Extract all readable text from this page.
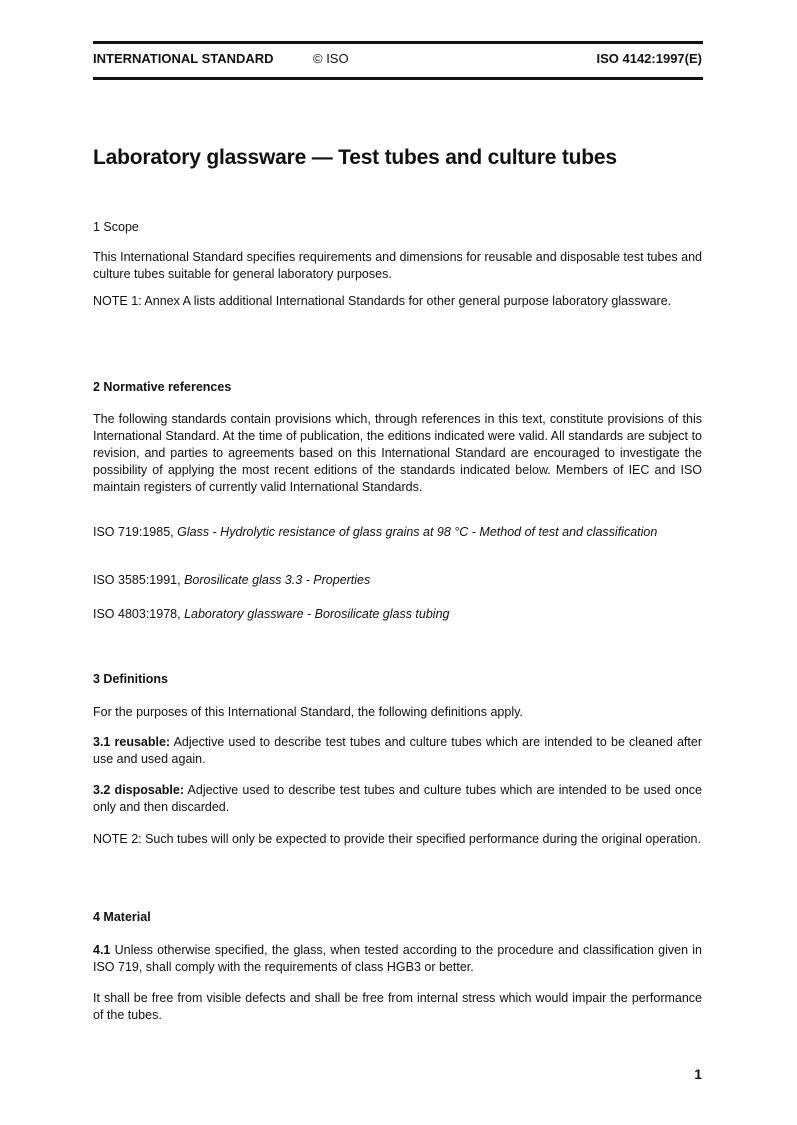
INTERNATIONAL STANDARD	© ISO	ISO 4142:1997(E)
Laboratory glassware — Test tubes and culture tubes
1 Scope

This International Standard specifies requirements and dimensions for reusable and disposable test tubes and culture tubes suitable for general laboratory purposes.

NOTE 1: Annex A lists additional International Standards for other general purpose laboratory glassware.

2 Normative references

The following standards contain provisions which, through references in this text, constitute provisions of this International Standard. At the time of publication, the editions indicated were valid. All standards are subject to revision, and parties to agreements based on this International Standard are encouraged to investigate the possibility of applying the most recent editions of the standards indicated below. Members of IEC and ISO maintain registers of currently valid International Standards.

ISO 719:1985, Glass - Hydrolytic resistance of glass grains at 98 °C - Method of test and classification

ISO 3585:1991, Borosilicate glass 3.3 - Properties

ISO 4803:1978, Laboratory glassware - Borosilicate glass tubing

3 Definitions

For the purposes of this International Standard, the following definitions apply.

3.1 reusable: Adjective used to describe test tubes and culture tubes which are intended to be cleaned after use and used again.

3.2 disposable: Adjective used to describe test tubes and culture tubes which are intended to be used once only and then discarded.

NOTE 2: Such tubes will only be expected to provide their specified performance during the original operation.

4 Material

4.1 Unless otherwise specified, the glass, when tested according to the procedure and classification given in ISO 719, shall comply with the requirements of class HGB3 or better.

It shall be free from visible defects and shall be free from internal stress which would impair the performance of the tubes.

1
